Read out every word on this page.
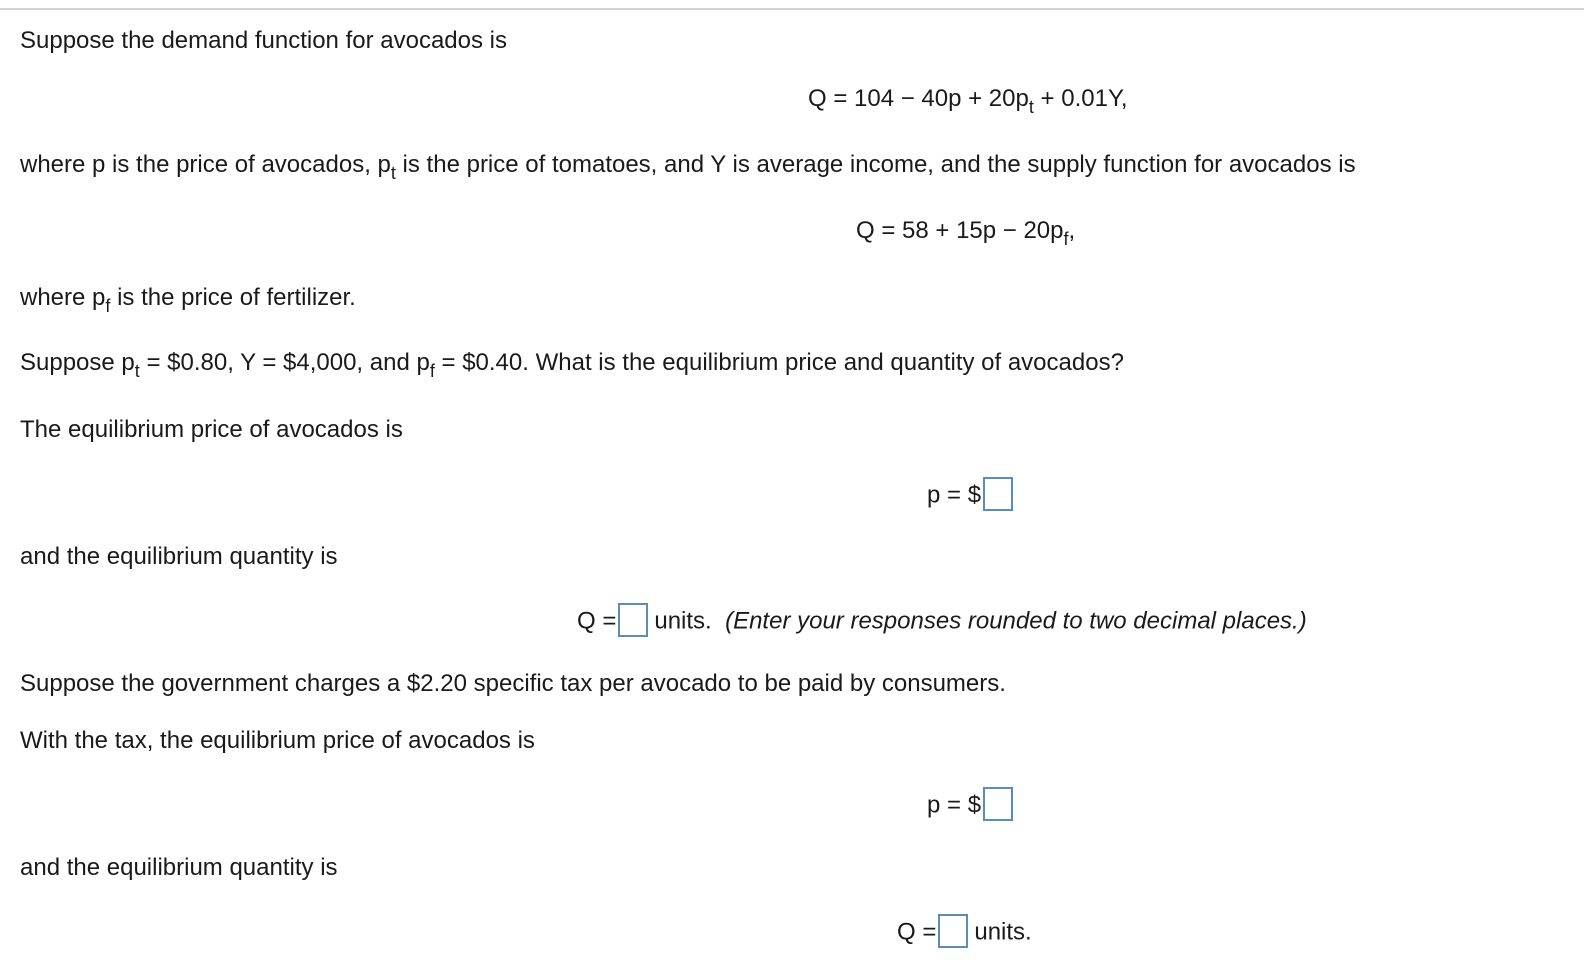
Suppose the demand function for avocados is
$Q = 104 - 40p + 20p_t + 0.01Y$,
where p is the price of avocados, $p_t$ is the price of tomatoes, and Y is average income, and the supply function for avocados is
$Q = 58 + 15p - 20p_f$,
where $p_f$ is the price of fertilizer.
Suppose $p_t$ = $0.80, Y = $4,000, and $p_f$ = $0.40. What is the equilibrium price and quantity of avocados?
The equilibrium price of avocados is
p = $
and the equilibrium quantity is
Q = units. (Enter your responses rounded to two decimal places.)
Suppose the government charges a $2.20 specific tax per avocado to be paid by consumers.
With the tax, the equilibrium price of avocados is
p = $
and the equilibrium quantity is
Q = units.
